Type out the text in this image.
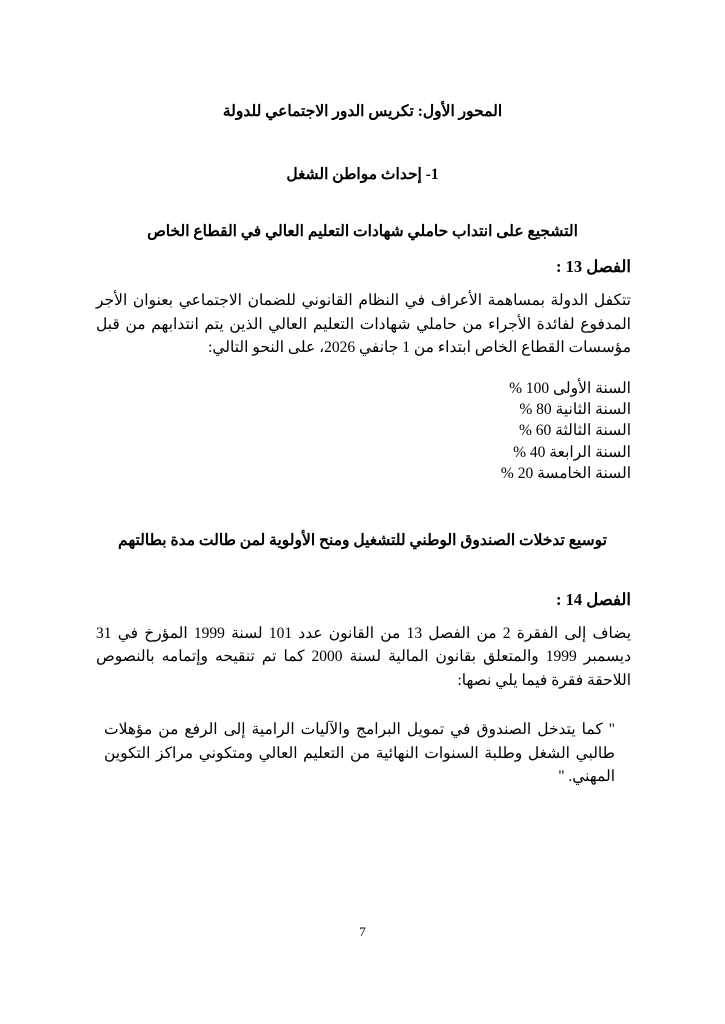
المحور الأول: تكريس الدور الاجتماعي للدولة
1- إحداث مواطن الشغل
التشجيع على انتداب حاملي شهادات التعليم العالي في القطاع الخاص
الفصل 13 :

تتكفل الدولة بمساهمة الأعراف في النظام القانوني للضمان الاجتماعي بعنوان الأجر المدفوع لفائدة الأجراء من حاملي شهادات التعليم العالي الذين يتم انتدابهم من قبل مؤسسات القطاع الخاص ابتداء من 1 جانفي 2026، على النحو التالي:

السنة الأولى 100 %
السنة الثانية 80 %
السنة الثالثة 60 %
السنة الرابعة 40 %
السنة الخامسة 20 %
توسيع تدخلات الصندوق الوطني للتشغيل ومنح الأولوية لمن طالت مدة بطالتهم
الفصل 14 :

يضاف إلى الفقرة 2 من الفصل 13 من القانون عدد 101 لسنة 1999 المؤرخ في 31 ديسمبر 1999 والمتعلق بقانون المالية لسنة 2000 كما تم تنقيحه وإتمامه بالنصوص اللاحقة فقرة فيما يلي نصها:

" كما يتدخل الصندوق في تمويل البرامج والآليات الرامية إلى الرفع من مؤهلات طالبي الشغل وطلبة السنوات النهائية من التعليم العالي ومتكوني مراكز التكوين المهني. "

7
